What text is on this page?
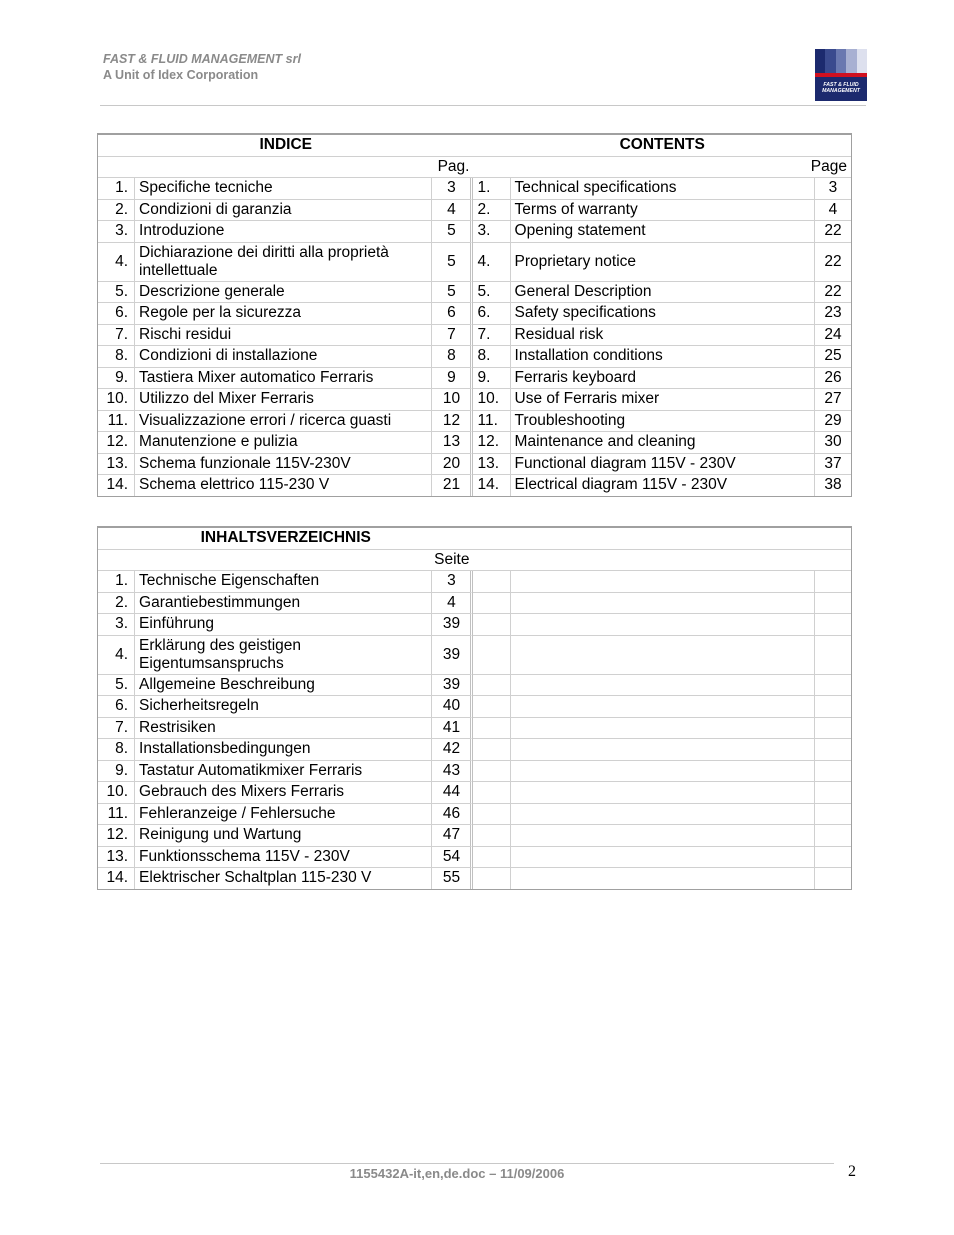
FAST & FLUID MANAGEMENT srl
A Unit of Idex Corporation
FAST & FLUID MANAGEMENT
INDICE			CONTENTS		
Pag.			Page		
1.	Specifiche tecniche	3	1.	Technical specifications	3
2.	Condizioni di garanzia	4	2.	Terms of warranty	4
3.	Introduzione	5	3.	Opening statement	22
4.	Dichiarazione dei diritti alla proprietà intellettuale	5	4.	Proprietary notice	22
5.	Descrizione generale	5	5.	General Description	22
6.	Regole per la sicurezza	6	6.	Safety specifications	23
7.	Rischi residui	7	7.	Residual risk	24
8.	Condizioni di installazione	8	8.	Installation conditions	25
9.	Tastiera Mixer automatico Ferraris	9	9.	Ferraris keyboard	26
10.	Utilizzo del Mixer Ferraris	10	10.	Use of Ferraris mixer	27
11.	Visualizzazione errori / ricerca guasti	12	11.	Troubleshooting	29
12.	Manutenzione e pulizia	13	12.	Maintenance and cleaning	30
13.	Schema funzionale 115V-230V	20	13.	Functional diagram 115V - 230V	37
14.	Schema elettrico 115-230 V	21	14.	Electrical diagram 115V - 230V	38
INHALTSVERZEICHNIS					
Seite					
1.	Technische Eigenschaften	3			
2.	Garantiebestimmungen	4			
3.	Einführung	39			
4.	Erklärung des geistigen Eigentumsanspruchs	39			
5.	Allgemeine Beschreibung	39			
6.	Sicherheitsregeln	40			
7.	Restrisiken	41			
8.	Installationsbedingungen	42			
9.	Tastatur Automatikmixer Ferraris	43			
10.	Gebrauch des Mixers Ferraris	44			
11.	Fehleranzeige / Fehlersuche	46			
12.	Reinigung und Wartung	47			
13.	Funktionsschema 115V - 230V	54			
14.	Elektrischer Schaltplan 115-230 V	55			
1155432A-it,en,de.doc – 11/09/2006	2
